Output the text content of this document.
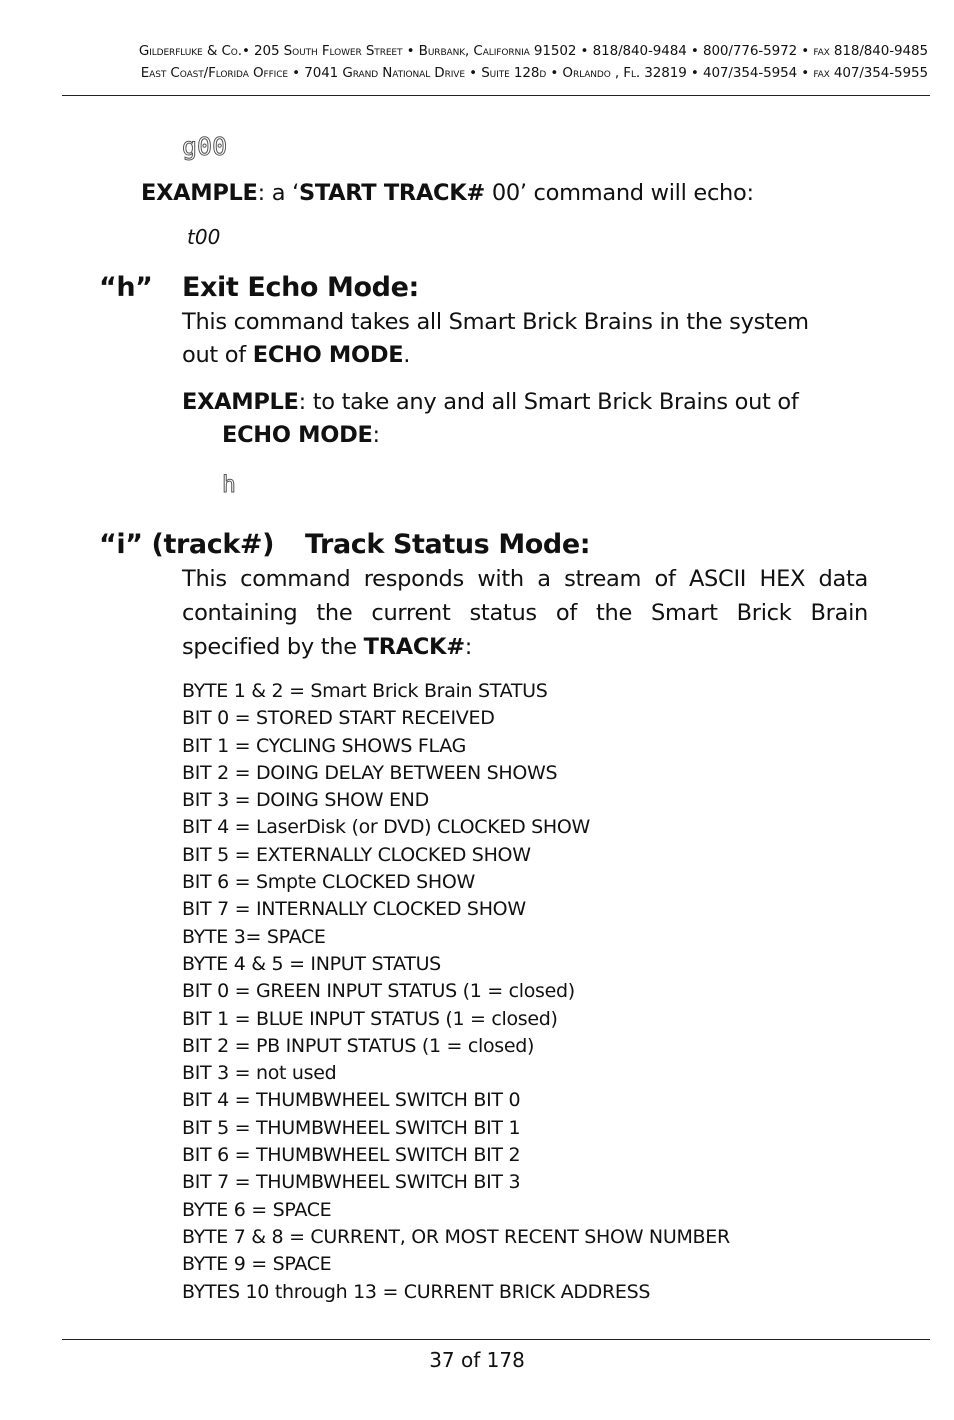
Gilderfluke & Co.• 205 South Flower Street • Burbank, California 91502 • 818/840-9484 • 800/776-5972 • fax 818/840-9485
East Coast/Florida Office • 7041 Grand National Drive • Suite 128d • Orlando , Fl. 32819 • 407/354-5954 • fax 407/354-5955
g00
EXAMPLE: a ‘START TRACK# 00’ command will echo:
t00
“h” Exit Echo Mode:
This command takes all Smart Brick Brains in the system
out of ECHO MODE.
EXAMPLE: to take any and all Smart Brick Brains out of
ECHO MODE:
h
“i” (track#) Track Status Mode:
This command responds with a stream of ASCII HEX data
containing the current status of the Smart Brick Brain
specified by the TRACK#:
BYTE 1 & 2 = Smart Brick Brain STATUS
BIT 0 = STORED START RECEIVED
BIT 1 = CYCLING SHOWS FLAG
BIT 2 = DOING DELAY BETWEEN SHOWS
BIT 3 = DOING SHOW END
BIT 4 = LaserDisk (or DVD) CLOCKED SHOW
BIT 5 = EXTERNALLY CLOCKED SHOW
BIT 6 = Smpte CLOCKED SHOW
BIT 7 = INTERNALLY CLOCKED SHOW
BYTE 3= SPACE
BYTE 4 & 5 = INPUT STATUS
BIT 0 = GREEN INPUT STATUS (1 = closed)
BIT 1 = BLUE INPUT STATUS (1 = closed)
BIT 2 = PB INPUT STATUS (1 = closed)
BIT 3 = not used
BIT 4 = THUMBWHEEL SWITCH BIT 0
BIT 5 = THUMBWHEEL SWITCH BIT 1
BIT 6 = THUMBWHEEL SWITCH BIT 2
BIT 7 = THUMBWHEEL SWITCH BIT 3
BYTE 6 = SPACE
BYTE 7 & 8 = CURRENT, OR MOST RECENT SHOW NUMBER
BYTE 9 = SPACE
BYTES 10 through 13 = CURRENT BRICK ADDRESS
37 of 178
